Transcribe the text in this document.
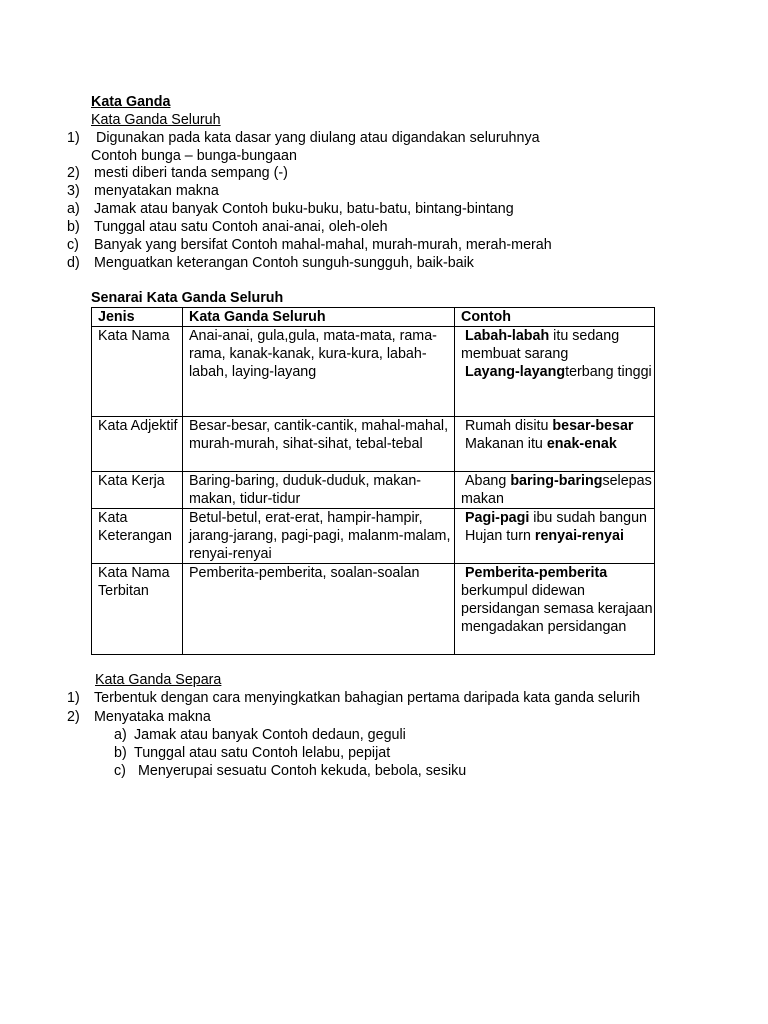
Kata Ganda
Kata Ganda Seluruh
1) Digunakan pada kata dasar yang diulang atau digandakan seluruhnya
Contoh bunga – bunga-bungaan
2) mesti diberi tanda sempang (-)
3) menyatakan makna
a) Jamak atau banyak Contoh buku-buku, batu-batu, bintang-bintang
b) Tunggal atau satu Contoh anai-anai, oleh-oleh
c) Banyak yang bersifat Contoh mahal-mahal, murah-murah, merah-merah
d) Menguatkan keterangan Contoh sunguh-sungguh, baik-baik
Senarai Kata Ganda Seluruh
Jenis	Kata Ganda Seluruh	Contoh
Kata Nama	Anai-anai, gula,gula, mata-mata, rama-rama, kanak-kanak, kura-kura, labah-labah, laying-layang	Labah-labah itu sedang membuat sarang
Layang-layangterbang tinggi

Kata Adjektif	Besar-besar, cantik-cantik, mahal-mahal, murah-murah, sihat-sihat, tebal-tebal	Rumah disitu besar-besar
Makanan itu enak-enak

Kata Kerja	Baring-baring, duduk-duduk, makan-makan, tidur-tidur	Abang baring-baringselepas makan

Kata Keterangan	Betul-betul, erat-erat, hampir-hampir, jarang-jarang, pagi-pagi, malanm-malam, renyai-renyai	Pagi-pagi ibu sudah bangun
Hujan turn renyai-renyai

Kata Nama Terbitan	Pemberita-pemberita, soalan-soalan	Pemberita-pemberita berkumpul didewan persidangan semasa kerajaan mengadakan persidangan
Kata Ganda Separa
1) Terbentuk dengan cara menyingkatkan bahagian pertama daripada kata ganda selurih
2) Menyataka makna
a) Jamak atau banyak Contoh dedaun, geguli
b) Tunggal atau satu Contoh lelabu, pepijat
c) Menyerupai sesuatu Contoh kekuda, bebola, sesiku
